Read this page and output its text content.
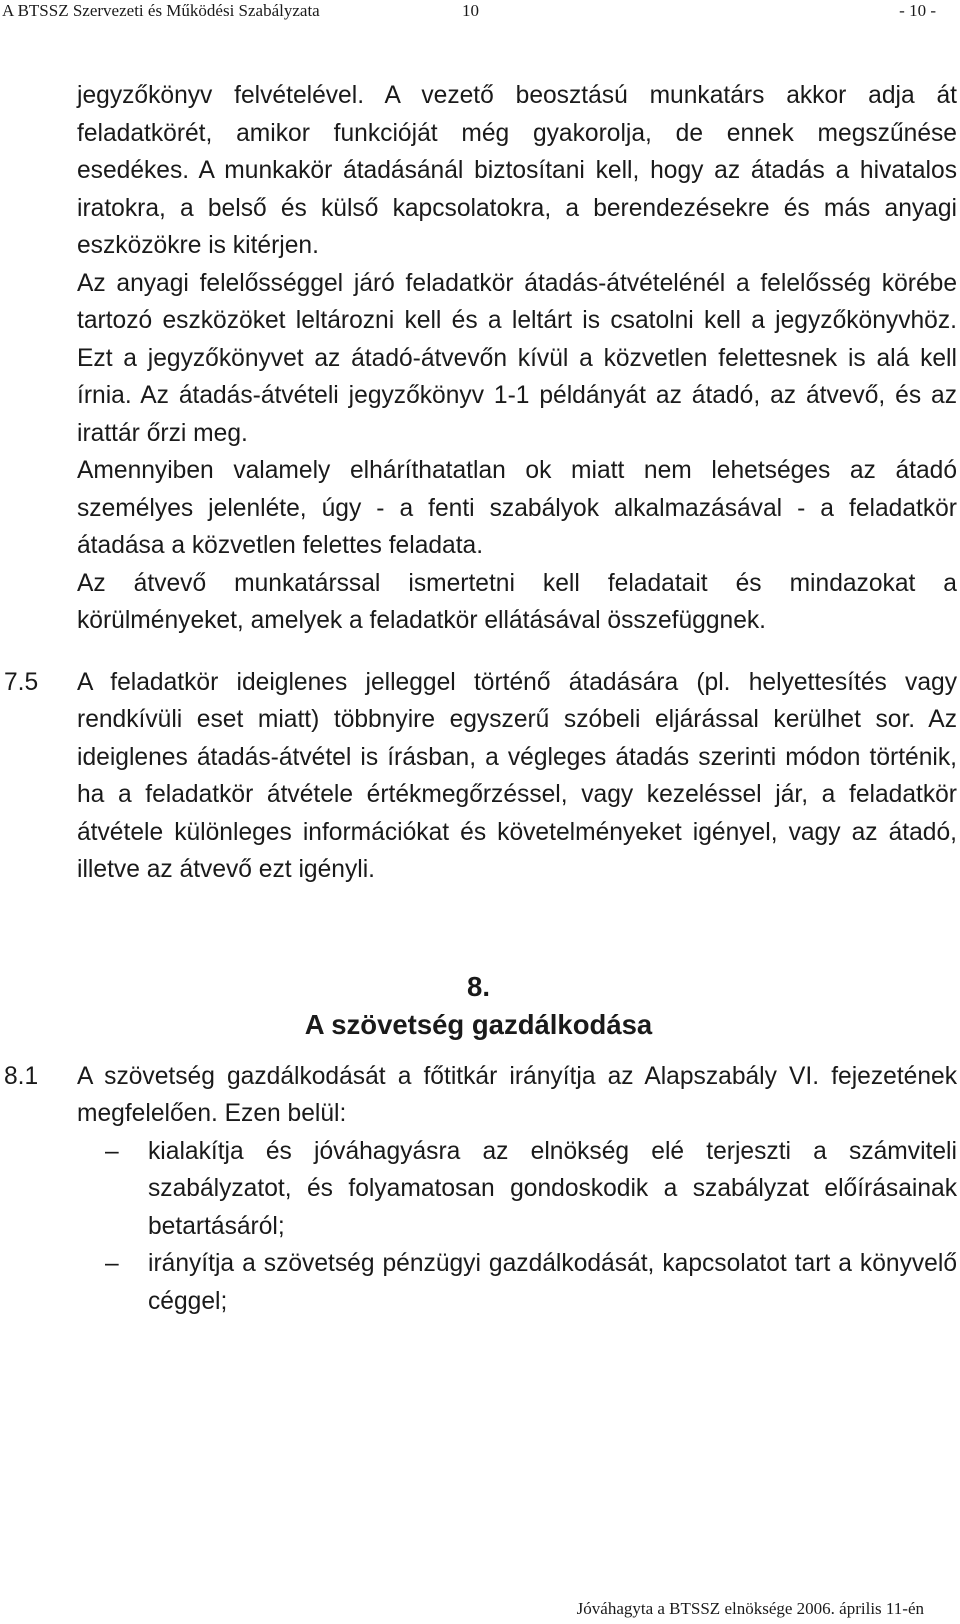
A BTSSZ Szervezeti és Működési Szabályzata	10	- 10 -

jegyzőkönyv felvételével. A vezető beosztású munkatárs akkor adja át feladatkörét, amikor funkcióját még gyakorolja, de ennek megszűnése esedékes. A munkakör átadásánál biztosítani kell, hogy az átadás a hivatalos iratokra, a belső és külső kapcsolatokra, a berendezésekre és más anyagi eszközökre is kitérjen.

Az anyagi felelősséggel járó feladatkör átadás-átvételénél a felelősség körébe tartozó eszközöket leltározni kell és a leltárt is csatolni kell a jegyzőkönyvhöz. Ezt a jegyzőkönyvet az átadó-átvevőn kívül a közvetlen felettesnek is alá kell írnia. Az átadás-átvételi jegyzőkönyv 1-1 példányát az átadó, az átvevő, és az irattár őrzi meg.

Amennyiben valamely elháríthatatlan ok miatt nem lehetséges az átadó személyes jelenléte, úgy - a fenti szabályok alkalmazásával - a feladatkör átadása a közvetlen felettes feladata.

Az átvevő munkatárssal ismertetni kell feladatait és mindazokat a körülményeket, amelyek a feladatkör ellátásával összefüggnek.

7.5 A feladatkör ideiglenes jelleggel történő átadására (pl. helyettesítés vagy rendkívüli eset miatt) többnyire egyszerű szóbeli eljárással kerülhet sor. Az ideiglenes átadás-átvétel is írásban, a végleges átadás szerinti módon történik, ha a feladatkör átvétele értékmegőrzéssel, vagy kezeléssel jár, a feladatkör átvétele különleges információkat és követelményeket igényel, vagy az átadó, illetve az átvevő ezt igényli.

8.
A szövetség gazdálkodása
8.1 A szövetség gazdálkodását a főtitkár irányítja az Alapszabály VI. fejezetének megfelelően. Ezen belül:

– kialakítja és jóváhagyásra az elnökség elé terjeszti a számviteli szabályzatot, és folyamatosan gondoskodik a szabályzat előírásainak betartásáról;
– irányítja a szövetség pénzügyi gazdálkodását, kapcsolatot tart a könyvelő céggel;
Jóváhagyta a BTSSZ elnöksége 2006. április 11-én
